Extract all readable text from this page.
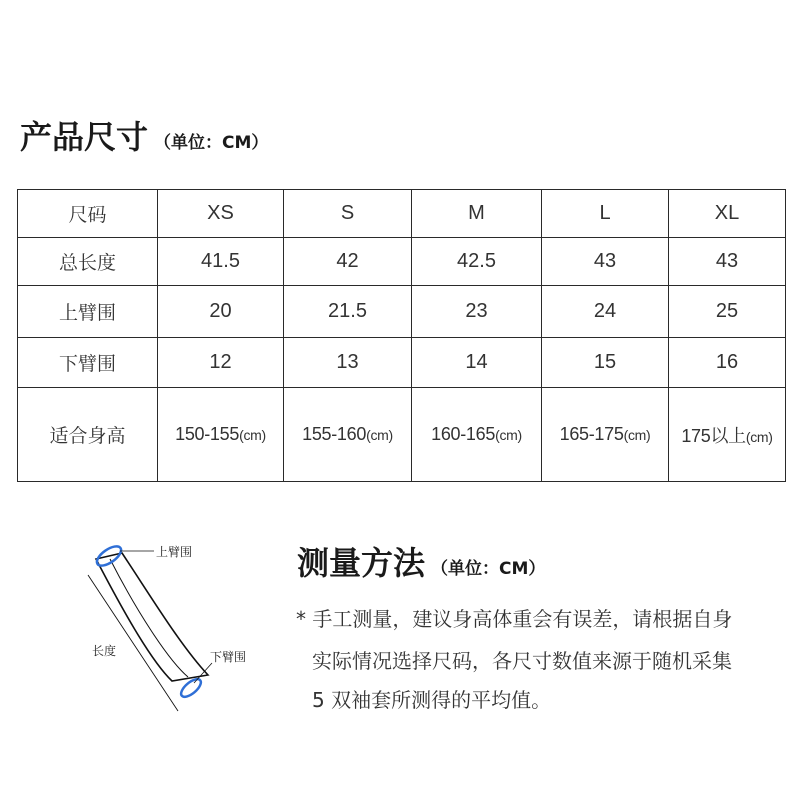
产品尺寸 （单位：CM）
尺码	XS	S	M	L	XL
总长度	41.5	42	42.5	43	43
上臂围	20	21.5	23	24	25
下臂围	12	13	14	15	16
适合身高	150-155(cm)	155-160(cm)	160-165(cm)	165-175(cm)	175以上(cm)
上臂围
长度	下臂围
测量方法 （单位：CM）
* 手工测量，建议身高体重会有误差，请根据自身
实际情况选择尺码，各尺寸数值来源于随机采集
5 双袖套所测得的平均值。
